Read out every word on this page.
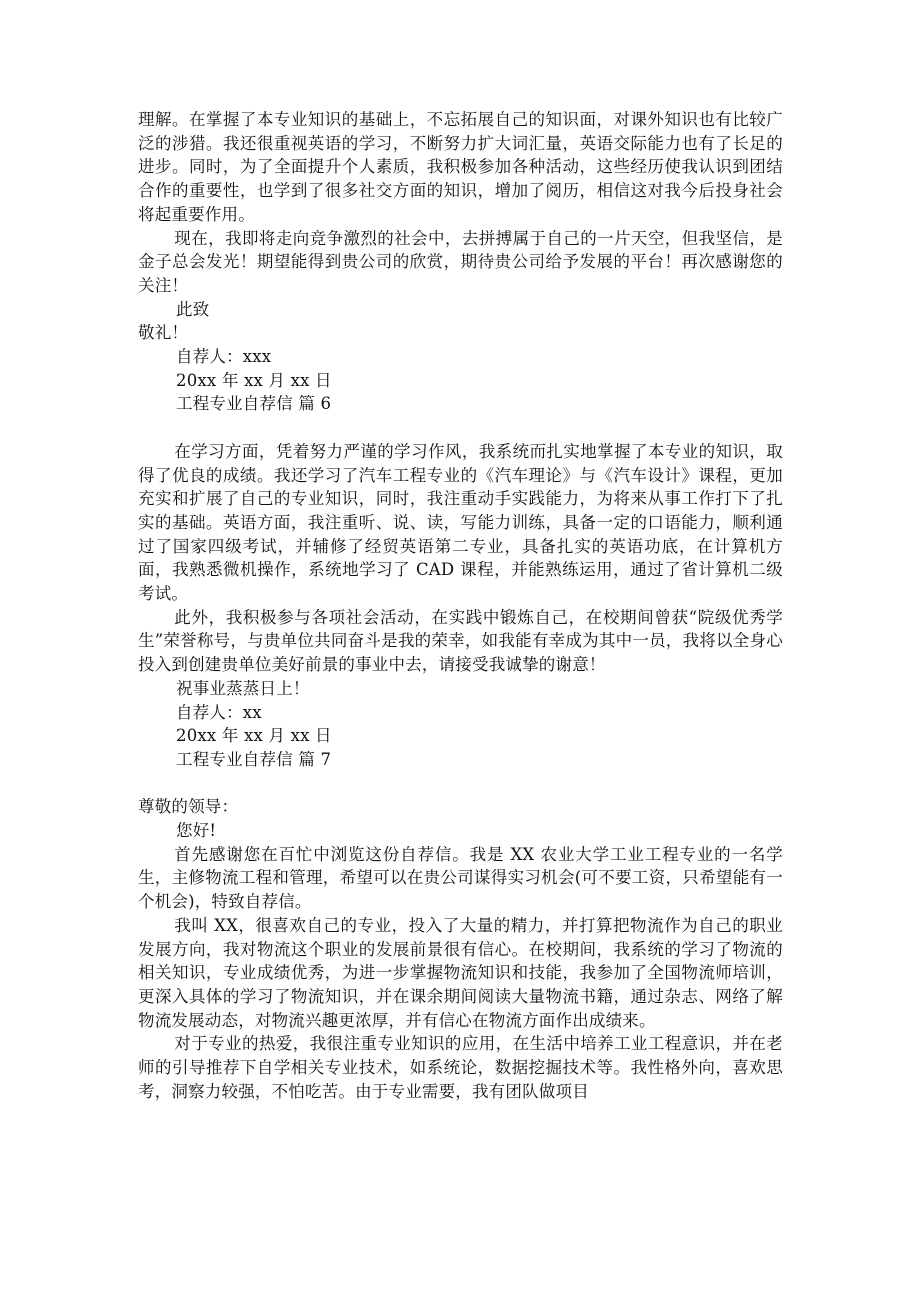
理解。在掌握了本专业知识的基础上，不忘拓展自己的知识面，对课外知识也有比较广泛的涉猎。我还很重视英语的学习，不断努力扩大词汇量，英语交际能力也有了长足的进步。同时，为了全面提升个人素质，我积极参加各种活动，这些经历使我认识到团结合作的重要性，也学到了很多社交方面的知识，增加了阅历，相信这对我今后投身社会将起重要作用。

现在，我即将走向竞争激烈的社会中，去拼搏属于自己的一片天空，但我坚信，是金子总会发光！期望能得到贵公司的欣赏，期待贵公司给予发展的平台！再次感谢您的关注！

此致

敬礼！

自荐人：xxx

20xx 年 xx 月 xx 日

工程专业自荐信 篇 6

在学习方面，凭着努力严谨的学习作风，我系统而扎实地掌握了本专业的知识，取得了优良的成绩。我还学习了汽车工程专业的《汽车理论》与《汽车设计》课程，更加充实和扩展了自己的专业知识，同时，我注重动手实践能力，为将来从事工作打下了扎实的基础。英语方面，我注重听、说、读，写能力训练，具备一定的口语能力，顺利通过了国家四级考试，并辅修了经贸英语第二专业，具备扎实的英语功底，在计算机方面，我熟悉微机操作，系统地学习了 CAD 课程，并能熟练运用，通过了省计算机二级考试。

此外，我积极参与各项社会活动，在实践中锻炼自己，在校期间曾获“院级优秀学生”荣誉称号，与贵单位共同奋斗是我的荣幸，如我能有幸成为其中一员，我将以全身心投入到创建贵单位美好前景的事业中去，请接受我诚挚的谢意！

祝事业蒸蒸日上！

自荐人：xx

20xx 年 xx 月 xx 日

工程专业自荐信 篇 7

尊敬的领导：

您好!

首先感谢您在百忙中浏览这份自荐信。我是 XX 农业大学工业工程专业的一名学生，主修物流工程和管理，希望可以在贵公司谋得实习机会(可不要工资，只希望能有一个机会)，特致自荐信。

我叫 XX，很喜欢自己的专业，投入了大量的精力，并打算把物流作为自己的职业发展方向，我对物流这个职业的发展前景很有信心。在校期间，我系统的学习了物流的相关知识，专业成绩优秀，为进一步掌握物流知识和技能，我参加了全国物流师培训，更深入具体的学习了物流知识，并在课余期间阅读大量物流书籍，通过杂志、网络了解物流发展动态，对物流兴趣更浓厚，并有信心在物流方面作出成绩来。

对于专业的热爱，我很注重专业知识的应用，在生活中培养工业工程意识，并在老师的引导推荐下自学相关专业技术，如系统论，数据挖掘技术等。我性格外向，喜欢思考，洞察力较强，不怕吃苦。由于专业需要，我有团队做项目
